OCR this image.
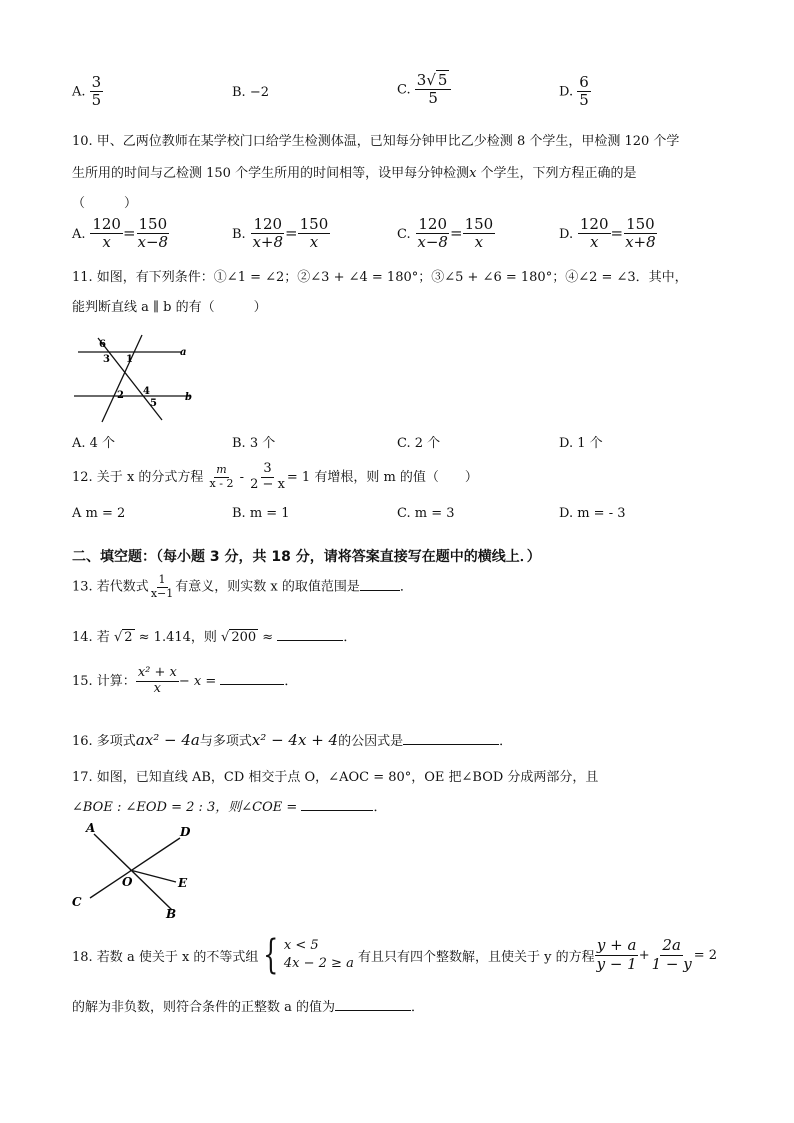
A. $\frac{3}{5}$	B. −2	C. $\frac{3√ 5}{5}$	D. $\frac{6}{5}$
10. 甲、乙两位教师在某学校门口给学生检测体温，已知每分钟甲比乙少检测 8 个学生，甲检测 120 个学
生所用的时间与乙检测 150 个学生所用的时间相等，设甲每分钟检测x 个学生，下列方程正确的是
（　　　）
A. $\frac{120}{x} = \frac{150}{x-8}$	B. $\frac{120}{x+8} = \frac{150}{x}$	C. $\frac{120}{x-8} = \frac{150}{x}$	D. $\frac{120}{x} = \frac{150}{x+8}$
11. 如图，有下列条件：①∠1 = ∠2；②∠3 + ∠4 = 180°；③∠5 + ∠6 = 180°；④∠2 = ∠3．其中，
能判断直线 a ∥ b 的有（　　　）
6
3 1
a
2 4
5
b
A. 4 个	B. 3 个	C. 2 个	D. 1 个
12. 关于 x 的分式方程 $\frac{m}{x - 2} - \frac{3}{2 - x} = 1$ 有增根，则 m 的值（　　）
A m = 2	B. m = 1	C. m = 3	D. m = - 3
二、填空题：（每小题 3 分，共 18 分，请将答案直接写在题中的横线上．）
13. 若代数式 $\frac{1}{x-1}$ 有意义，则实数 x 的取值范围是	．
14. 若 √ 2 ≈ 1.414，则 √ 200 ≈	．
15. 计算： $\frac{\text{x² + x}}{x} - x$ =	．
16. 多项式ax² − 4a与多项式x² − 4x + 4的公因式是	．
17. 如图，已知直线 AB，CD 相交于点 O，∠AOC = 80°，OE 把∠BOD 分成两部分，且
∠BOE : ∠EOD = 2 : 3，则∠COE =	．
A	D
O	E
C
B
18. 若数 a 使关于 x 的不等式组 { x < 5
4x − 2 ≥ a
有且只有四个整数解，且使关于 y 的方程 $\frac{y + a}{y - 1} + \frac{2a}{1 - y} = 2$
的解为非负数，则符合条件的正整数 a 的值为	．
